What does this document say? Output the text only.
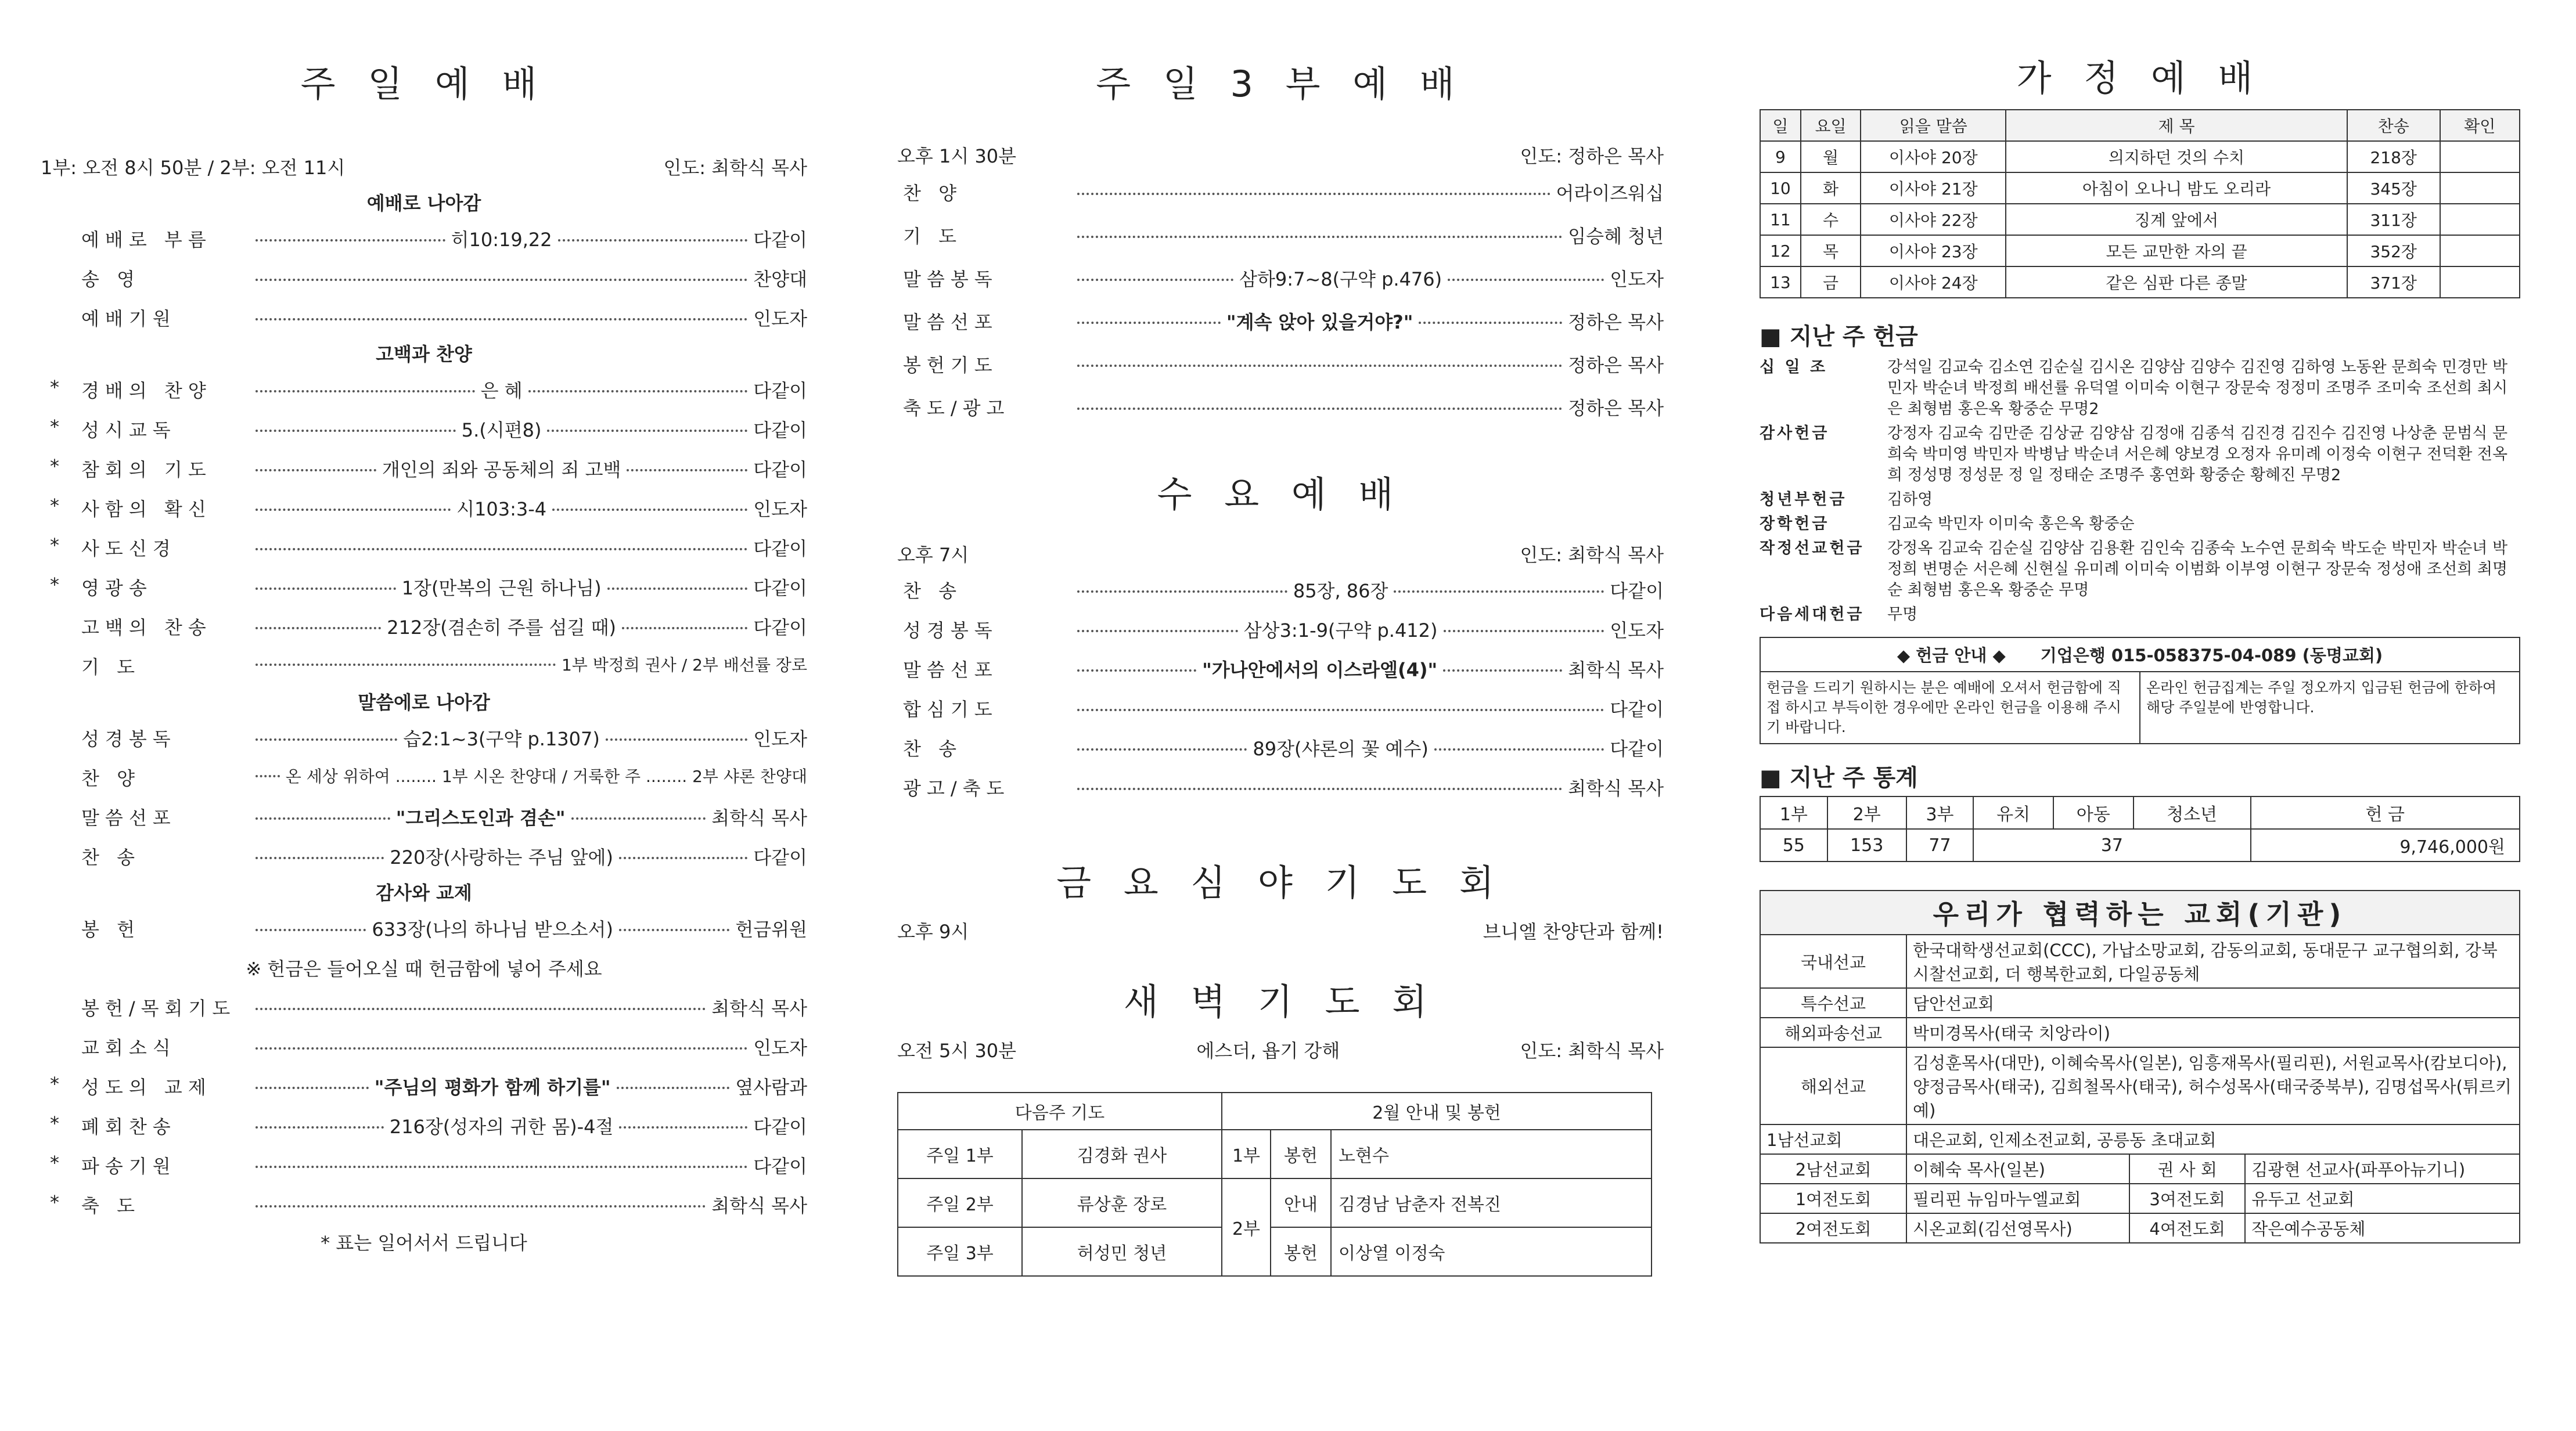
주 일 예 배
1부: 오전 8시 50분 / 2부: 오전 11시	인도: 최학식 목사
예배로 나아감
예배로 부름	히10:19,22	다같이
송 영	찬양대
예배기원	인도자
고백과 찬양
*	경배의 찬양	은 혜	다같이
*	성시교독	5.(시편8)	다같이
*	참회의 기도	개인의 죄와 공동체의 죄 고백	다같이
*	사함의 확신	시103:3-4	인도자
*	사도신경	다같이
*	영광송	1장(만복의 근원 하나님)	다같이
고백의 찬송	212장(겸손히 주를 섬길 때)	다같이
기 도	1부 박정희 권사 / 2부 배선률 장로
말씀에로 나아감
성경봉독	습2:1~3(구약 p.1307)	인도자
찬 양	온 세상 위하여 ........ 1부 시온 찬양대 / 거룩한 주 ........ 2부 샤론 찬양대
말씀선포	"그리스도인과 겸손"	최학식 목사
찬 송	220장(사랑하는 주님 앞에)	다같이
감사와 교제
봉 헌	633장(나의 하나님 받으소서)	헌금위원
※ 헌금은 들어오실 때 헌금함에 넣어 주세요
봉헌/목회기도	최학식 목사
교회소식	인도자
*	성도의 교제	"주님의 평화가 함께 하기를"	옆사람과
*	폐회찬송	216장(성자의 귀한 몸)-4절	다같이
*	파송기원	다같이
*	축 도	최학식 목사
* 표는 일어서서 드립니다
주 일 3 부 예 배
오후 1시 30분	인도: 정하은 목사
찬 양	어라이즈워십
기 도	임승혜 청년
말씀봉독	삼하9:7~8(구약 p.476)	인도자
말씀선포	"계속 앉아 있을거야?"	정하은 목사
봉헌기도	정하은 목사
축도/광고	정하은 목사
수 요 예 배
오후 7시	인도: 최학식 목사
찬 송	85장, 86장	다같이
성경봉독	삼상3:1-9(구약 p.412)	인도자
말씀선포	"가나안에서의 이스라엘(4)"	최학식 목사
합심기도	다같이
찬 송	89장(샤론의 꽃 예수)	다같이
광고/축도	최학식 목사
금 요 심 야 기 도 회
오후 9시	브니엘 찬양단과 함께!
새 벽 기 도 회
오전 5시 30분	에스더, 욥기 강해	인도: 최학식 목사
다음주 기도		2월 안내 및 봉헌		
주일 1부	김경화 권사	1부	봉헌	노현수
주일 2부	류상훈 장로	2부	안내	김경남 남춘자 전복진
주일 3부	허성민 청년		봉헌	이상열 이정숙
가 정 예 배
일	요일	읽을 말씀	제 목	찬송	확인
9	월	이사야 20장	의지하던 것의 수치	218장	
10	화	이사야 21장	아침이 오나니 밤도 오리라	345장	
11	수	이사야 22장	징계 앞에서	311장	
12	목	이사야 23장	모든 교만한 자의 끝	352장	
13	금	이사야 24장	같은 심판 다른 종말	371장	
■ 지난 주 헌금
십 일 조	강석일 김교숙 김소연 김순실 김시온 김양삼 김양수 김진영 김하영 노동완 문희숙 민경만 박민자 박순녀 박정희 배선률 유덕열 이미숙 이현구 장문숙 정정미 조명주 조미숙 조선희 최시은 최형범 홍은옥 황중순 무명2
감사헌금	강정자 김교숙 김만준 김상균 김양삼 김정애 김종석 김진경 김진수 김진영 나상춘 문범식 문희숙 박미영 박민자 박병남 박순녀 서은혜 양보경 오정자 유미례 이정숙 이현구 전덕환 전옥희 정성명 정성문 정 일 정태순 조명주 홍연화 황중순 황혜진 무명2
청년부헌금	김하영
장학헌금	김교숙 박민자 이미숙 홍은옥 황중순
작정선교헌금	강정옥 김교숙 김순실 김양삼 김용환 김인숙 김종숙 노수연 문희숙 박도순 박민자 박순녀 박정희 변명순 서은혜 신현실 유미례 이미숙 이범화 이부영 이현구 장문숙 정성애 조선희 최명순 최형범 홍은옥 황중순 무명
다음세대헌금	무명
◆ 헌금 안내 ◆ 기업은행 015-058375-04-089 (동명교회)
헌금을 드리기 원하시는 분은 예배에 오셔서 헌금함에 직접 하시고 부득이한 경우에만 온라인 헌금을 이용해 주시기 바랍니다.
온라인 헌금집계는 주일 정오까지 입금된 헌금에 한하여 해당 주일분에 반영합니다.
■ 지난 주 통계
1부	2부	3부	유치	아동	청소년	헌 금
55	153	77	37			9,746,000원
우리가 협력하는 교회(기관)			
국내선교	한국대학생선교회(CCC), 가납소망교회, 감동의교회, 동대문구 교구협의회, 강북시찰선교회, 더 행복한교회, 다일공동체		
특수선교	담안선교회		
해외파송선교	박미경목사(태국 치앙라이)		
해외선교	김성훈목사(대만), 이혜숙목사(일본), 임흥재목사(필리핀), 서원교목사(캄보디아), 양정금목사(태국), 김희철목사(태국), 허수성목사(태국중북부), 김명섭목사(튀르키예)		
1남선교회	대은교회, 인제소전교회, 공릉동 초대교회		
2남선교회	이혜숙 목사(일본)	권 사 회	김광현 선교사(파푸아뉴기니)
1여전도회	필리핀 뉴임마누엘교회	3여전도회	유두고 선교회
2여전도회	시온교회(김선영목사)	4여전도회	작은예수공동체
